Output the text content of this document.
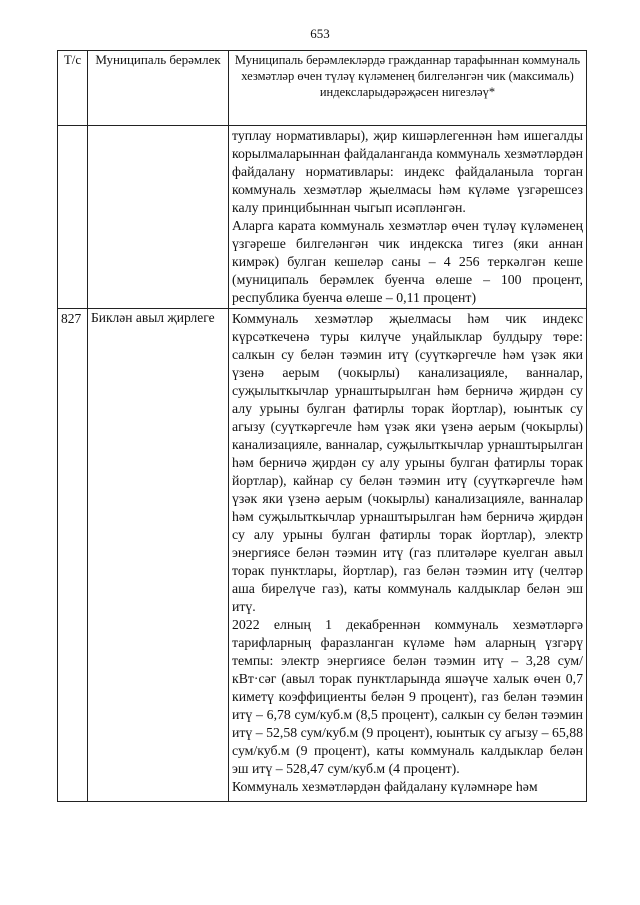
653
Т/с	Муниципаль берәмлек	Муниципаль берәмлекләрдә гражданнар тарафыннан коммуналь хезмәтләр өчен түләү күләменең билгеләнгән чик (максималь) индексларыдәрәҗәсен нигезләү*

		туплау нормативлары), җир кишәрлегеннән һәм ишегалды корылмаларыннан файдаланганда коммуналь хезмәтләрдән файдалану нормативлары: индекс файдаланыла торган коммуналь хезмәтләр җыелмасы һәм күләме үзгәрешсез калу принцибыннан чыгып исәпләнгән.
Аларга карата коммуналь хезмәтләр өчен түләү күләменең үзгәреше билгеләнгән чик индекска тигез (яки аннан кимрәк) булган кешеләр саны – 4 256 теркәлгән кеше (муниципаль берәмлек буенча өлеше – 100 процент, республика буенча өлеше – 0,11 процент)

827	Биклән авыл җирлеге	Коммуналь хезмәтләр җыелмасы һәм чик индекс күрсәткеченә туры килүче уңайлыклар булдыру төре: салкын су белән тәэмин итү (суүткәргечле һәм үзәк яки үзенә аерым (чокырлы) канализацияле, ванналар, суҗылыткычлар урнаштырылган һәм берничә җирдән су алу урыны булган фатирлы торак йортлар), юынтык су агызу (суүткәргечле һәм үзәк яки үзенә аерым (чокырлы) канализацияле, ванналар, суҗылыткычлар урнаштырылган һәм берничә җирдән су алу урыны булган фатирлы торак йортлар), кайнар су белән тәэмин итү (суүткәргечле һәм үзәк яки үзенә аерым (чокырлы) канализацияле, ванналар һәм суҗылыткычлар урнаштырылган һәм берничә җирдән су алу урыны булган фатирлы торак йортлар), электр энергиясе белән тәэмин итү (газ плитәләре куелган авыл торак пунктлары, йортлар), газ белән тәэмин итү (челтәр аша бирелүче газ), каты коммуналь калдыклар белән эш итү.
2022 елның 1 декабреннән коммуналь хезмәтләргә тарифларның фаразланган күләме һәм аларның үзгәрү темпы: электр энергиясе белән тәэмин итү – 3,28 сум/кВт·сәг (авыл торак пунктларында яшәүче халык өчен 0,7 киметү коэффициенты белән 9 процент), газ белән тәэмин итү – 6,78 сум/куб.м (8,5 процент), салкын су белән тәэмин итү – 52,58 сум/куб.м (9 процент), юынтык су агызу – 65,88 сум/куб.м (9 процент), каты коммуналь калдыклар белән эш итү – 528,47 сум/куб.м (4 процент).
Коммуналь хезмәтләрдән файдалану күләмнәре һәм
